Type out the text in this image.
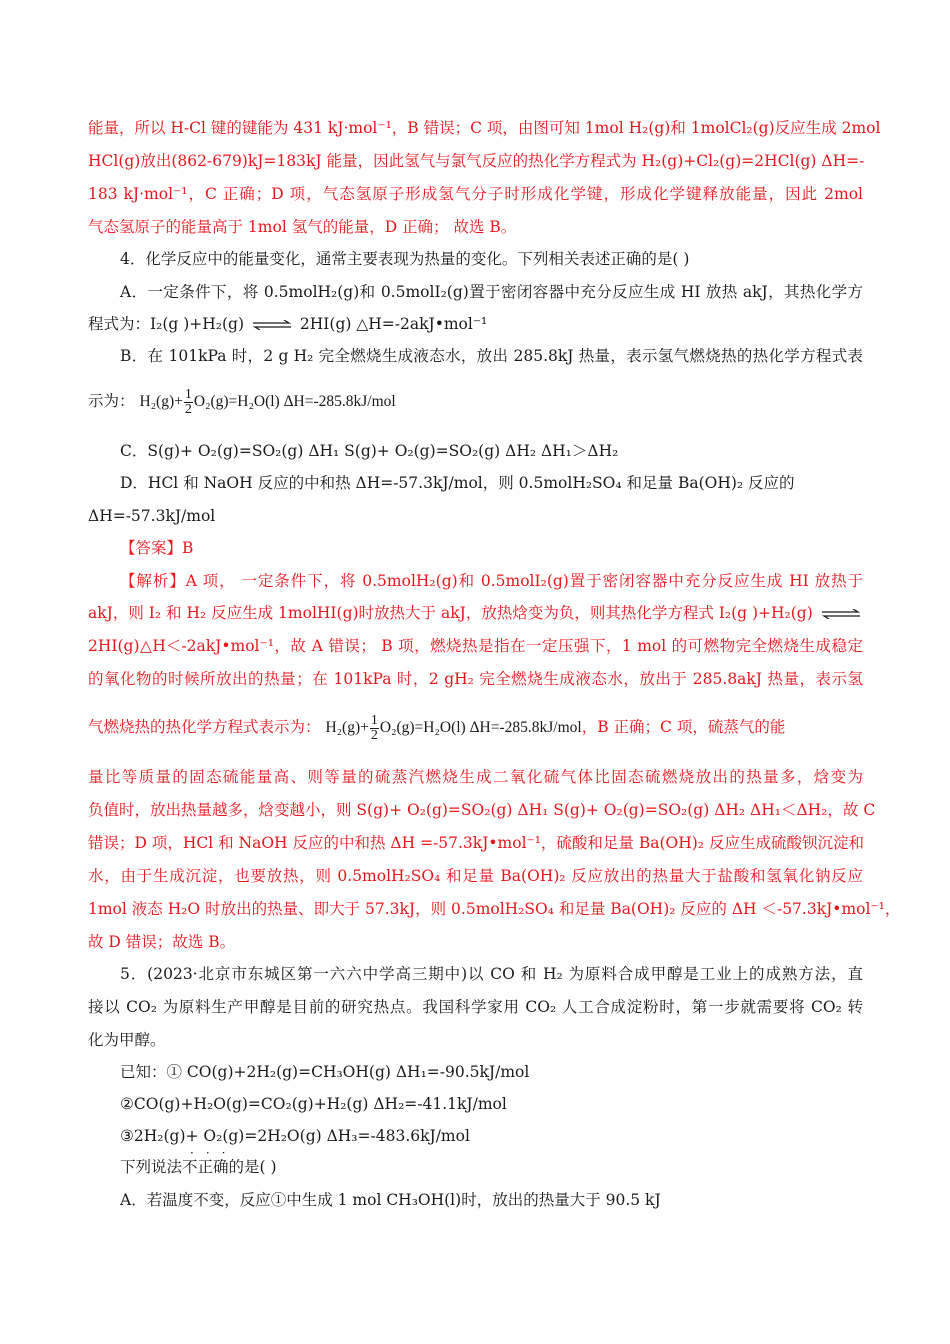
能量，所以 H-Cl 键的键能为 431 kJ·mol⁻¹，B 错误；C 项，由图可知 1mol H₂(g)和 1molCl₂(g)反应生成 2mol
HCl(g)放出(862-679)kJ=183kJ 能量，因此氢气与氯气反应的热化学方程式为 H₂(g)+Cl₂(g)=2HCl(g) ΔH=-
183 kJ·mol⁻¹，C 正确；D 项，气态氢原子形成氢气分子时形成化学键，形成化学键释放能量，因此 2mol
气态氢原子的能量高于 1mol 氢气的能量，D 正确； 故选 B。
4．化学反应中的能量变化，通常主要表现为热量的变化。下列相关表述正确的是( )
A．一定条件下，将 0.5molH₂(g)和 0.5molI₂(g)置于密闭容器中充分反应生成 HI 放热 akJ，其热化学方
程式为：I₂(g )+H₂(g) ⇌ 2HI(g) △H=-2akJ•mol⁻¹
B．在 101kPa 时，2 g H₂ 完全燃烧生成液态水，放出 285.8kJ 热量，表示氢气燃烧热的热化学方程式表
示为： $H_2(g)+ \frac{1}{2} O_2(g)=H_2O(l)$ ΔH=-285.8kJ/mol
C．S(g)+ O₂(g)=SO₂(g) ΔH₁ S(g)+ O₂(g)=SO₂(g) ΔH₂ ΔH₁＞ΔH₂
D．HCl 和 NaOH 反应的中和热 ΔH=-57.3kJ/mol，则 0.5molH₂SO₄ 和足量 Ba(OH)₂ 反应的
ΔH=-57.3kJ/mol
【答案】B
【解析】A 项， 一定条件下，将 0.5molH₂(g)和 0.5molI₂(g)置于密闭容器中充分反应生成 HI 放热于
akJ，则 I₂ 和 H₂ 反应生成 1molHI(g)时放热大于 akJ，放热焓变为负，则其热化学方程式 I₂(g )+H₂(g) ⇌
2HI(g)△H＜-2akJ•mol⁻¹，故 A 错误； B 项，燃烧热是指在一定压强下，1 mol 的可燃物完全燃烧生成稳定
的氧化物的时候所放出的热量；在 101kPa 时，2 gH₂ 完全燃烧生成液态水，放出于 285.8akJ 热量，表示氢
气燃烧热的热化学方程式表示为： $H_2(g)+ \frac{1}{2} O_2(g)=H_2O(l)$ ΔH=-285.8kJ/mol，B 正确；C 项，硫蒸气的能
量比等质量的固态硫能量高、则等量的硫蒸汽燃烧生成二氧化硫气体比固态硫燃烧放出的热量多，焓变为
负值时，放出热量越多，焓变越小，则 S(g)+ O₂(g)=SO₂(g) ΔH₁ S(g)+ O₂(g)=SO₂(g) ΔH₂ ΔH₁＜ΔH₂，故 C
错误；D 项，HCl 和 NaOH 反应的中和热 ΔH =-57.3kJ•mol⁻¹，硫酸和足量 Ba(OH)₂ 反应生成硫酸钡沉淀和
水，由于生成沉淀，也要放热，则 0.5molH₂SO₄ 和足量 Ba(OH)₂ 反应放出的热量大于盐酸和氢氧化钠反应
1mol 液态 H₂O 时放出的热量、即大于 57.3kJ，则 0.5molH₂SO₄ 和足量 Ba(OH)₂ 反应的 ΔH ＜-57.3kJ•mol⁻¹，
故 D 错误；故选 B。
5．(2023·北京市东城区第一六六中学高三期中)以 CO 和 H₂ 为原料合成甲醇是工业上的成熟方法，直
接以 CO₂ 为原料生产甲醇是目前的研究热点。我国科学家用 CO₂ 人工合成淀粉时，第一步就需要将 CO₂ 转
化为甲醇。
已知：① CO(g)+2H₂(g)=CH₃OH(g) ΔH₁=-90.5kJ/mol
②CO(g)+H₂O(g)=CO₂(g)+H₂(g) ΔH₂=-41.1kJ/mol
③2H₂(g)+ O₂(g)=2H₂O(g) ΔH₃=-483.6kJ/mol
···
下列说法不正确的是( )
A．若温度不变，反应①中生成 1 mol CH₃OH(l)时，放出的热量大于 90.5 kJ
